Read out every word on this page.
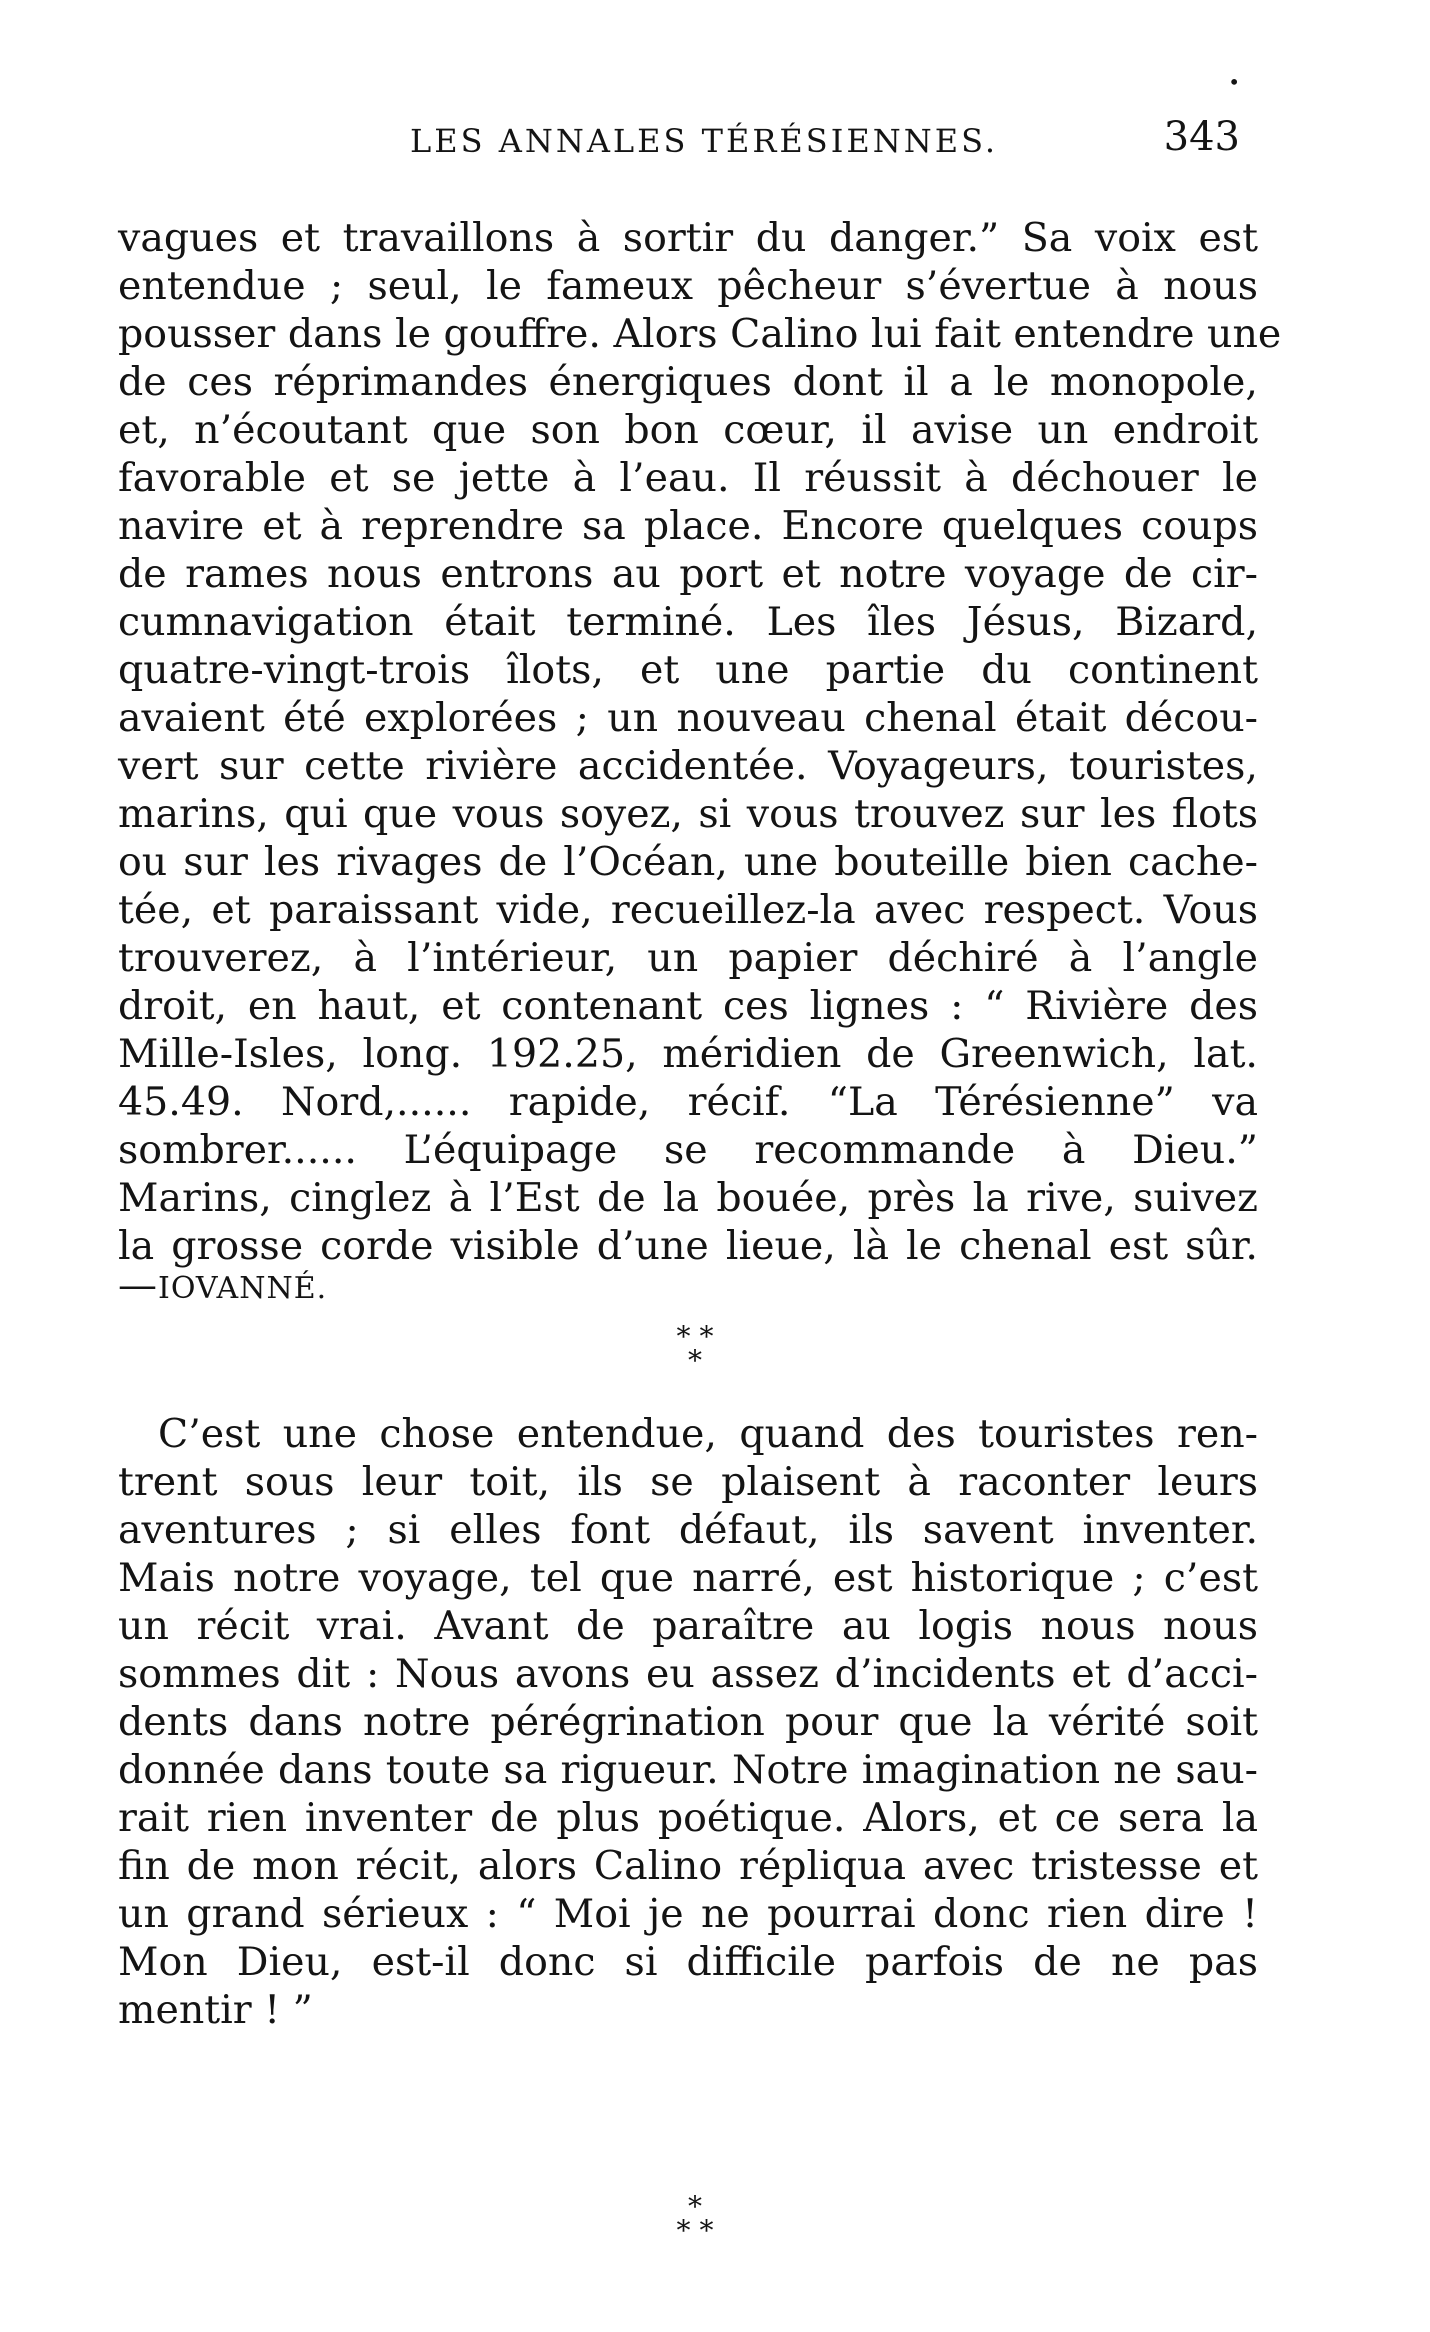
•
LES ANNALES TÉRÉSIENNES.	343
vagues et travaillons à sortir du danger.” Sa voix est
entendue ; seul, le fameux pêcheur s’évertue à nous
pousser dans le gouffre. Alors Calino lui fait entendre une
de ces réprimandes énergiques dont il a le monopole,
et, n’écoutant que son bon cœur, il avise un endroit
favorable et se jette à l’eau. Il réussit à déchouer le
navire et à reprendre sa place. Encore quelques coups
de rames nous entrons au port et notre voyage de cir-
cumnavigation était terminé. Les îles Jésus, Bizard,
quatre-vingt-trois îlots, et une partie du continent
avaient été explorées ; un nouveau chenal était décou-
vert sur cette rivière accidentée. Voyageurs, touristes,
marins, qui que vous soyez, si vous trouvez sur les flots
ou sur les rivages de l’Océan, une bouteille bien cache-
tée, et paraissant vide, recueillez-la avec respect. Vous
trouverez, à l’intérieur, un papier déchiré à l’angle
droit, en haut, et contenant ces lignes : “ Rivière des
Mille-Isles, long. 192.25, méridien de Greenwich, lat.
45.49. Nord,...... rapide, récif. “La Térésienne” va
sombrer...... L’équipage se recommande à Dieu.”
Marins, cinglez à l’Est de la bouée, près la rive, suivez
la grosse corde visible d’une lieue, là le chenal est sûr.
—IOVANNÉ.
* *
*
C’est une chose entendue, quand des touristes ren-
trent sous leur toit, ils se plaisent à raconter leurs
aventures ; si elles font défaut, ils savent inventer.
Mais notre voyage, tel que narré, est historique ; c’est
un récit vrai. Avant de paraître au logis nous nous
sommes dit : Nous avons eu assez d’incidents et d’acci-
dents dans notre pérégrination pour que la vérité soit
donnée dans toute sa rigueur. Notre imagination ne sau-
rait rien inventer de plus poétique. Alors, et ce sera la
fin de mon récit, alors Calino répliqua avec tristesse et
un grand sérieux : “ Moi je ne pourrai donc rien dire !
Mon Dieu, est-il donc si difficile parfois de ne pas
mentir ! ”
*
* *
